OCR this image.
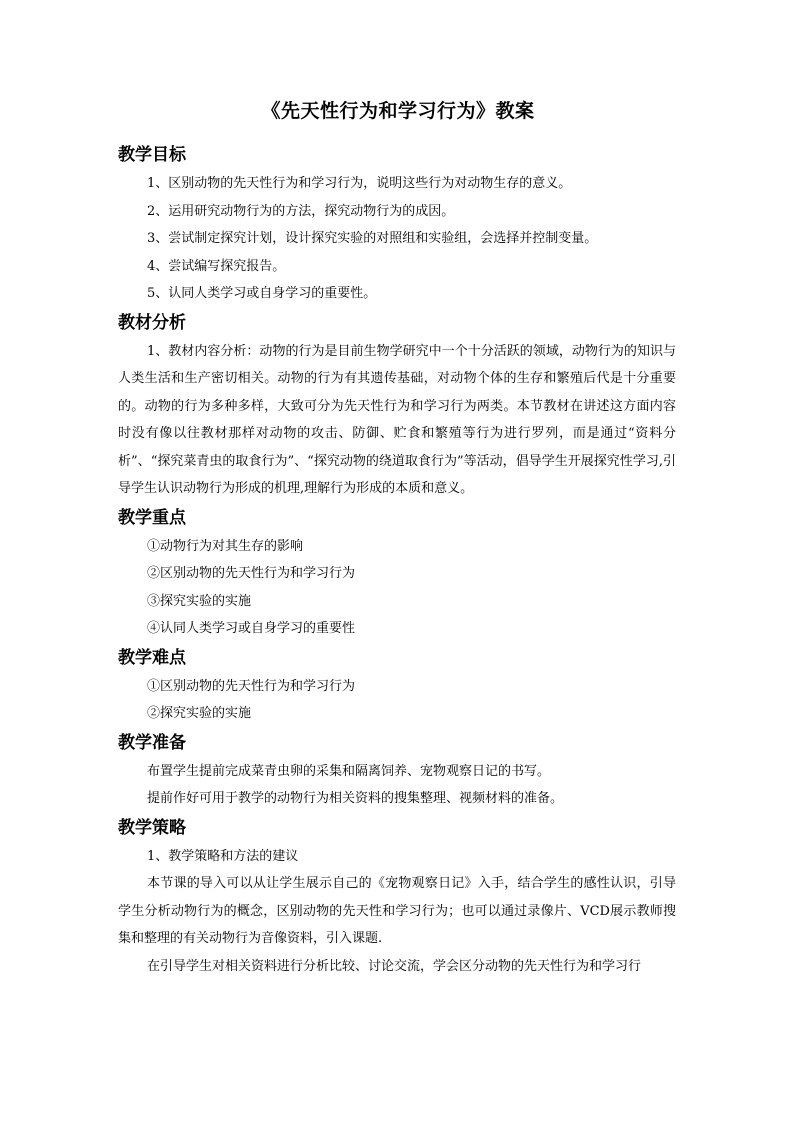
《先天性行为和学习行为》教案
教学目标

1、区别动物的先天性行为和学习行为，说明这些行为对动物生存的意义。

2、运用研究动物行为的方法，探究动物行为的成因。

3、尝试制定探究计划，设计探究实验的对照组和实验组，会选择并控制变量。

4、尝试编写探究报告。

5、认同人类学习或自身学习的重要性。

教材分析

1、教材内容分析：动物的行为是目前生物学研究中一个十分活跃的领域，动物行为的知识与人类生活和生产密切相关。动物的行为有其遗传基础，对动物个体的生存和繁殖后代是十分重要的。动物的行为多种多样，大致可分为先天性行为和学习行为两类。本节教材在讲述这方面内容时没有像以往教材那样对动物的攻击、防御、贮食和繁殖等行为进行罗列，而是通过“资料分析”、“探究菜青虫的取食行为”、“探究动物的绕道取食行为”等活动，倡导学生开展探究性学习,引导学生认识动物行为形成的机理,理解行为形成的本质和意义。

教学重点

①动物行为对其生存的影响

②区别动物的先天性行为和学习行为

③探究实验的实施

④认同人类学习或自身学习的重要性

教学难点

①区别动物的先天性行为和学习行为

②探究实验的实施

教学准备

布置学生提前完成菜青虫卵的采集和隔离饲养、宠物观察日记的书写。

提前作好可用于教学的动物行为相关资料的搜集整理、视频材料的准备。

教学策略

1、教学策略和方法的建议

本节课的导入可以从让学生展示自己的《宠物观察日记》入手，结合学生的感性认识，引导学生分析动物行为的概念，区别动物的先天性和学习行为；也可以通过录像片、VCD展示教师搜集和整理的有关动物行为音像资料，引入课题.

在引导学生对相关资料进行分析比较、讨论交流，学会区分动物的先天性行为和学习行
